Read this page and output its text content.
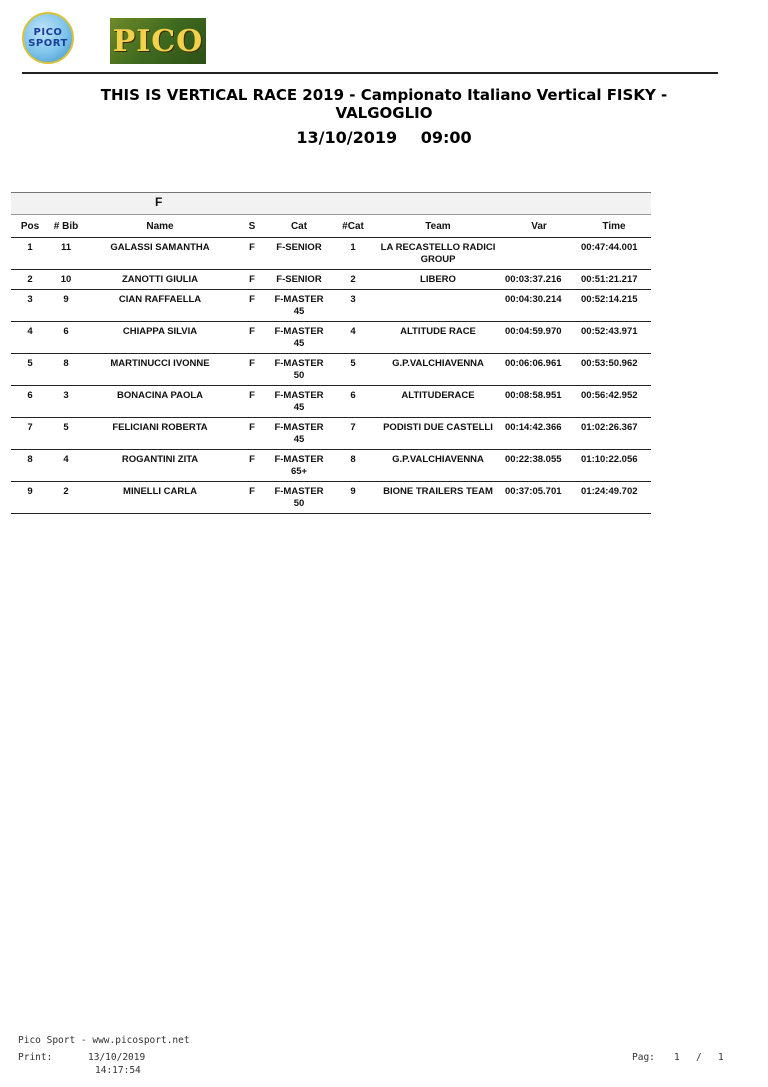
PICO
SPORT PICO
THIS IS VERTICAL RACE 2019 - Campionato Italiano Vertical FISKY - VALGOGLIO
13/10/2019 09:00
F
Pos	# Bib	Name	S	Cat	#Cat	Team	Var	Time
1	11	GALASSI SAMANTHA	F	F-SENIOR	1	LA RECASTELLO RADICI GROUP		00:47:44.001
2	10	ZANOTTI GIULIA	F	F-SENIOR	2	LIBERO	00:03:37.216	00:51:21.217
3	9	CIAN RAFFAELLA	F	F-MASTER 45	3		00:04:30.214	00:52:14.215
4	6	CHIAPPA SILVIA	F	F-MASTER 45	4	ALTITUDE RACE	00:04:59.970	00:52:43.971
5	8	MARTINUCCI IVONNE	F	F-MASTER 50	5	G.P.VALCHIAVENNA	00:06:06.961	00:53:50.962
6	3	BONACINA PAOLA	F	F-MASTER 45	6	ALTITUDERACE	00:08:58.951	00:56:42.952
7	5	FELICIANI ROBERTA	F	F-MASTER 45	7	PODISTI DUE CASTELLI	00:14:42.366	01:02:26.367
8	4	ROGANTINI ZITA	F	F-MASTER 65+	8	G.P.VALCHIAVENNA	00:22:38.055	01:10:22.056
9	2	MINELLI CARLA	F	F-MASTER 50	9	BIONE TRAILERS TEAM	00:37:05.701	01:24:49.702
Pico Sport - www.picosport.net
Print:	13/10/2019
14:17:54
Pag: 1 / 1
